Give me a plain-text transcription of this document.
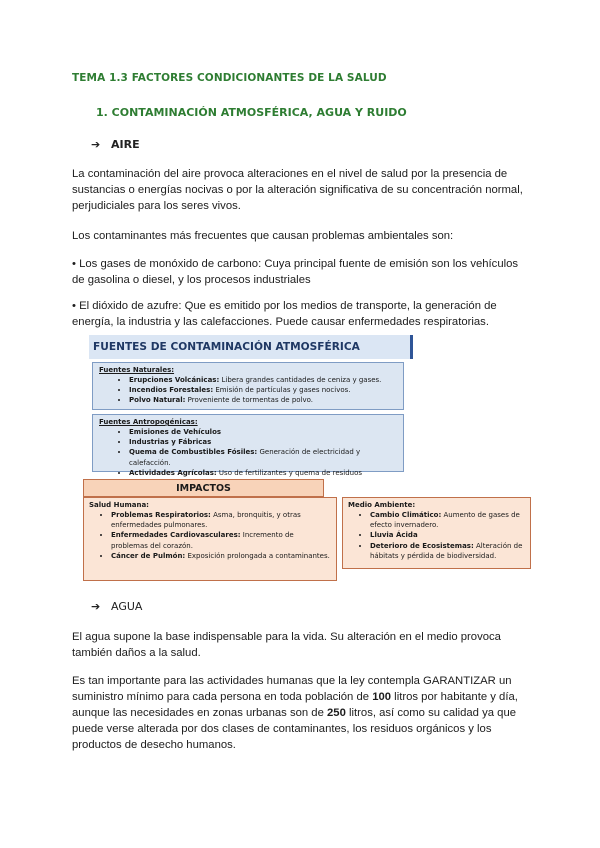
TEMA 1.3 FACTORES CONDICIONANTES DE LA SALUD
1. CONTAMINACIÓN ATMOSFÉRICA, AGUA Y RUIDO
➔ AIRE
La contaminación del aire provoca alteraciones en el nivel de salud por la presencia de sustancias o energías nocivas o por la alteración significativa de su concentración normal, perjudiciales para los seres vivos.
Los contaminantes más frecuentes que causan problemas ambientales son:
• Los gases de monóxido de carbono: Cuya principal fuente de emisión son los vehículos de gasolina o diesel, y los procesos industriales
• El dióxido de azufre: Que es emitido por los medios de transporte, la generación de energía, la industria y las calefacciones. Puede causar enfermedades respiratorias.
FUENTES DE CONTAMINACIÓN ATMOSFÉRICA
Fuentes Naturales:
• Erupciones Volcánicas: Libera grandes cantidades de ceniza y gases.
• Incendios Forestales: Emisión de partículas y gases nocivos.
• Polvo Natural: Proveniente de tormentas de polvo.
Fuentes Antropogénicas:
• Emisiones de Vehículos
• Industrias y Fábricas
• Quema de Combustibles Fósiles: Generación de electricidad y calefacción.
• Actividades Agrícolas: Uso de fertilizantes y quema de residuos
IMPACTOS
Salud Humana:
• Problemas Respiratorios: Asma, bronquitis, y otras enfermedades pulmonares.
• Enfermedades Cardiovasculares: Incremento de problemas del corazón.
• Cáncer de Pulmón: Exposición prolongada a contaminantes.
Medio Ambiente:
• Cambio Climático: Aumento de gases de efecto invernadero.
• Lluvia Ácida
• Deterioro de Ecosistemas: Alteración de hábitats y pérdida de biodiversidad.
➔ AGUA
El agua supone la base indispensable para la vida. Su alteración en el medio provoca también daños a la salud.
Es tan importante para las actividades humanas que la ley contempla GARANTIZAR un suministro mínimo para cada persona en toda población de 100 litros por habitante y día, aunque las necesidades en zonas urbanas son de 250 litros, así como su calidad ya que puede verse alterada por dos clases de contaminantes, los residuos orgánicos y los productos de desecho humanos.
